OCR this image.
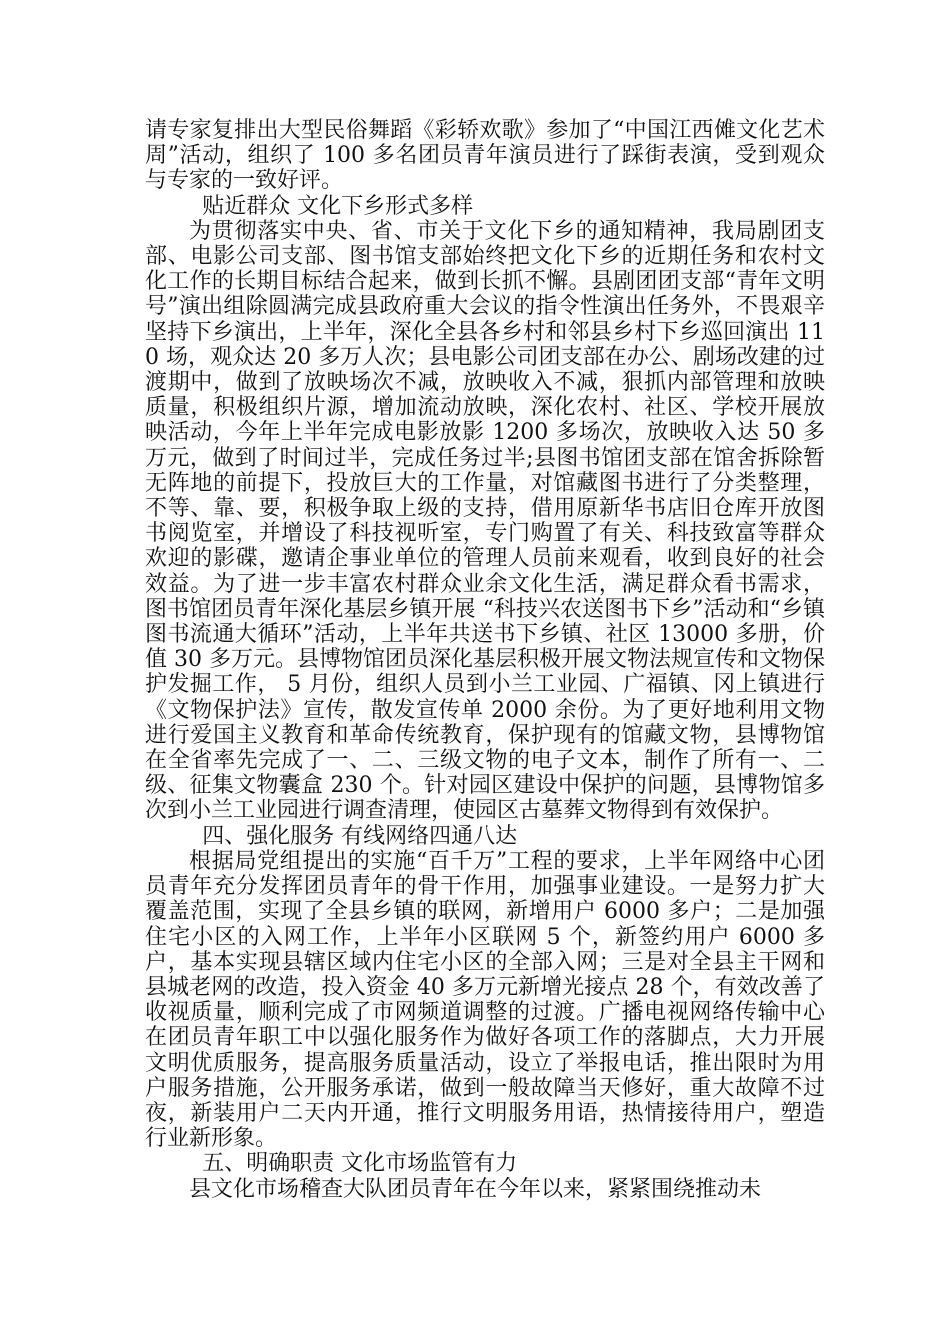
请专家复排出大型民俗舞蹈《彩轿欢歌》参加了“中国江西傩文化艺术周”活动，组织了 100 多名团员青年演员进行了踩街表演，受到观众与专家的一致好评。

贴近群众 文化下乡形式多样

为贯彻落实中央、省、市关于文化下乡的通知精神，我局剧团支部、电影公司支部、图书馆支部始终把文化下乡的近期任务和农村文化工作的长期目标结合起来，做到长抓不懈。县剧团团支部“青年文明号”演出组除圆满完成县政府重大会议的指令性演出任务外，不畏艰辛坚持下乡演出，上半年，深化全县各乡村和邻县乡村下乡巡回演出 110 场，观众达 20 多万人次；县电影公司团支部在办公、剧场改建的过渡期中，做到了放映场次不减，放映收入不减，狠抓内部管理和放映质量，积极组织片源，增加流动放映，深化农村、社区、学校开展放映活动，今年上半年完成电影放影 1200 多场次，放映收入达 50 多万元，做到了时间过半，完成任务过半;县图书馆团支部在馆舍拆除暂无阵地的前提下，投放巨大的工作量，对馆藏图书进行了分类整理，不等、靠、要，积极争取上级的支持，借用原新华书店旧仓库开放图书阅览室，并增设了科技视听室，专门购置了有关、科技致富等群众欢迎的影碟，邀请企事业单位的管理人员前来观看，收到良好的社会效益。为了进一步丰富农村群众业余文化生活，满足群众看书需求，图书馆团员青年深化基层乡镇开展 “科技兴农送图书下乡”活动和“乡镇图书流通大循环”活动，上半年共送书下乡镇、社区 13000 多册，价值 30 多万元。县博物馆团员深化基层积极开展文物法规宣传和文物保护发掘工作， 5 月份，组织人员到小兰工业园、广福镇、冈上镇进行《文物保护法》宣传，散发宣传单 2000 余份。为了更好地利用文物进行爱国主义教育和革命传统教育，保护现有的馆藏文物，县博物馆在全省率先完成了一、二、三级文物的电子文本，制作了所有一、二级、征集文物囊盒 230 个。针对园区建设中保护的问题，县博物馆多次到小兰工业园进行调查清理，使园区古墓葬文物得到有效保护。

四、强化服务 有线网络四通八达

根据局党组提出的实施“百千万”工程的要求，上半年网络中心团员青年充分发挥团员青年的骨干作用，加强事业建设。一是努力扩大覆盖范围，实现了全县乡镇的联网，新增用户 6000 多户；二是加强住宅小区的入网工作，上半年小区联网 5 个，新签约用户 6000 多户，基本实现县辖区域内住宅小区的全部入网；三是对全县主干网和县城老网的改造，投入资金 40 多万元新增光接点 28 个，有效改善了收视质量，顺利完成了市网频道调整的过渡。广播电视网络传输中心在团员青年职工中以强化服务作为做好各项工作的落脚点，大力开展文明优质服务，提高服务质量活动，设立了举报电话，推出限时为用户服务措施，公开服务承诺，做到一般故障当天修好，重大故障不过夜，新装用户二天内开通，推行文明服务用语，热情接待用户，塑造行业新形象。

五、明确职责 文化市场监管有力

县文化市场稽查大队团员青年在今年以来，紧紧围绕推动未
